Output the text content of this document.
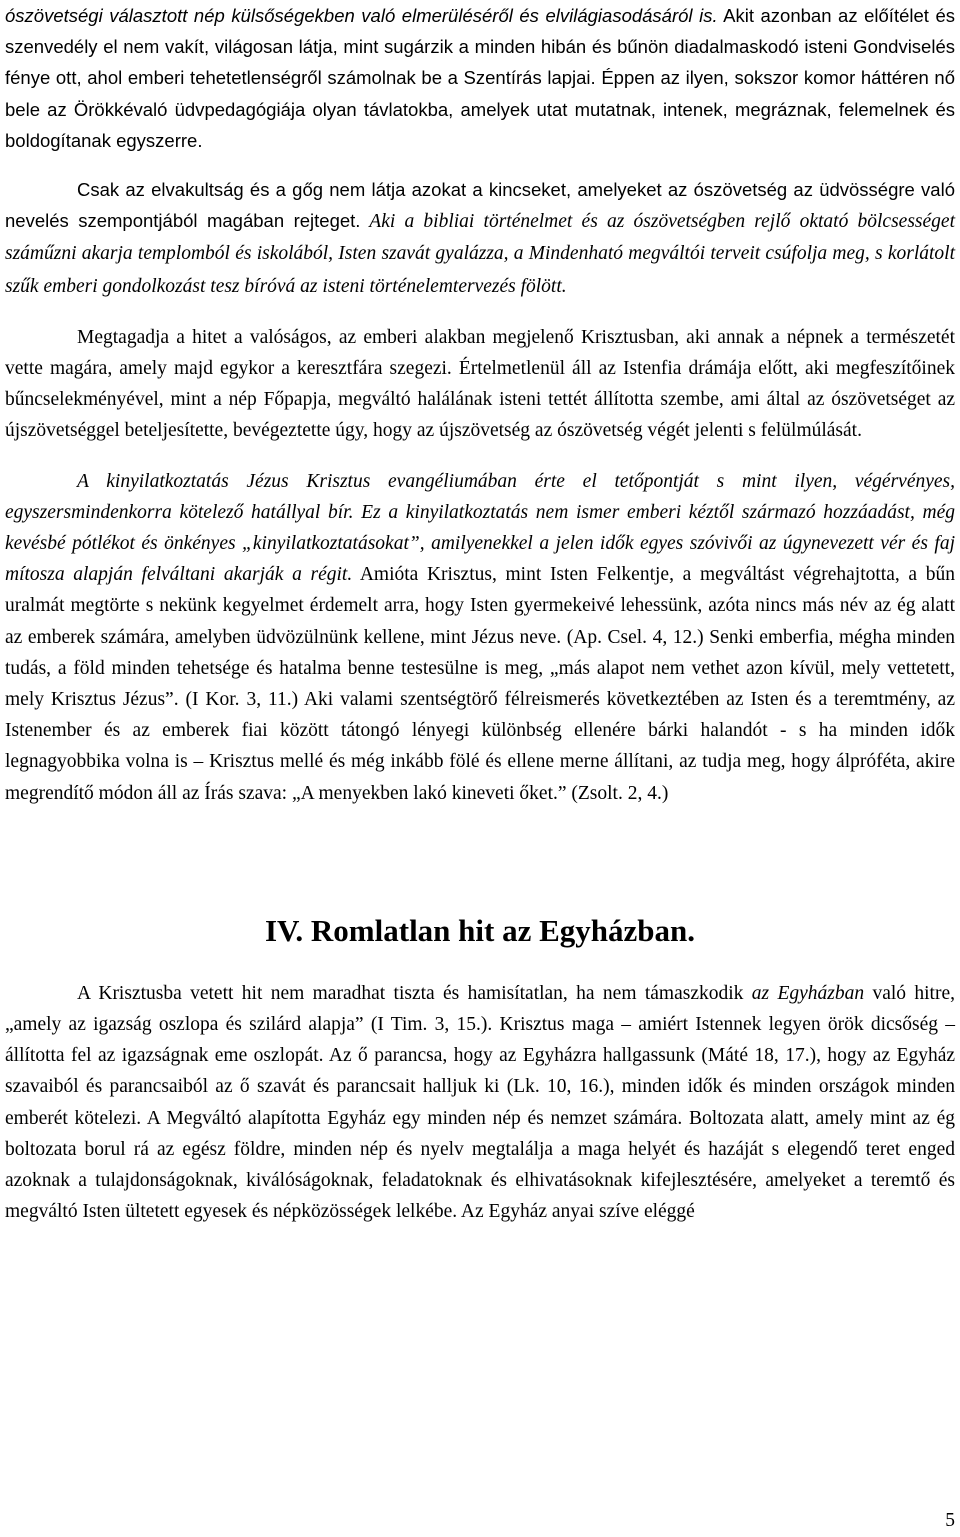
ószövetségi választott nép külsőségekben való elmerüléséről és elvilágiasodásáról is. Akit azonban az előítélet és szenvedély el nem vakít, világosan látja, mint sugárzik a minden hibán és bűnön diadalmaskodó isteni Gondviselés fénye ott, ahol emberi tehetetlenségről számolnak be a Szentírás lapjai. Éppen az ilyen, sokszor komor háttéren nő bele az Örökkévaló üdvpedagógiája olyan távlatokba, amelyek utat mutatnak, intenek, megráznak, felemelnek és boldogítanak egyszerre.

Csak az elvakultság és a gőg nem látja azokat a kincseket, amelyeket az ószövetség az üdvösségre való nevelés szempontjából magában rejteget. Aki a bibliai történelmet és az ószövetségben rejlő oktató bölcsességet száműzni akarja templomból és iskolából, Isten szavát gyalázza, a Mindenható megváltói terveit csúfolja meg, s korlátolt szűk emberi gondolkozást tesz bíróvá az isteni történelemtervezés fölött.

Megtagadja a hitet a valóságos, az emberi alakban megjelenő Krisztusban, aki annak a népnek a természetét vette magára, amely majd egykor a keresztfára szegezi. Értelmetlenül áll az Istenfia drámája előtt, aki megfeszítőinek bűncselekményével, mint a nép Főpapja, megváltó halálának isteni tettét állította szembe, ami által az ószövetséget az újszövetséggel beteljesítette, bevégeztette úgy, hogy az újszövetség az ószövetség végét jelenti s felülmúlását.

A kinyilatkoztatás Jézus Krisztus evangéliumában érte el tetőpontját s mint ilyen, végérvényes, egyszersmindenkorra kötelező hatállyal bír. Ez a kinyilatkoztatás nem ismer emberi kéztől származó hozzáadást, még kevésbé pótlékot és önkényes „kinyilatkoztatásokat”, amilyenekkel a jelen idők egyes szóvivői az úgynevezett vér és faj mítosza alapján felváltani akarják a régit. Amióta Krisztus, mint Isten Felkentje, a megváltást végrehajtotta, a bűn uralmát megtörte s nekünk kegyelmet érdemelt arra, hogy Isten gyermekeivé lehessünk, azóta nincs más név az ég alatt az emberek számára, amelyben üdvözülnünk kellene, mint Jézus neve. (Ap. Csel. 4, 12.) Senki emberfia, mégha minden tudás, a föld minden tehetsége és hatalma benne testesülne is meg, „más alapot nem vethet azon kívül, mely vettetett, mely Krisztus Jézus”. (I Kor. 3, 11.) Aki valami szentségtörő félreismerés következtében az Isten és a teremtmény, az Istenember és az emberek fiai között tátongó lényegi különbség ellenére bárki halandót - s ha minden idők legnagyobbika volna is – Krisztus mellé és még inkább fölé és ellene merne állítani, az tudja meg, hogy álpróféta, akire megrendítő módon áll az Írás szava: „A menyekben lakó kineveti őket.” (Zsolt. 2, 4.)

IV. Romlatlan hit az Egyházban.

A Krisztusba vetett hit nem maradhat tiszta és hamisítatlan, ha nem támaszkodik az Egyházban való hitre, „amely az igazság oszlopa és szilárd alapja” (I Tim. 3, 15.). Krisztus maga – amiért Istennek legyen örök dicsőség – állította fel az igazságnak eme oszlopát. Az ő parancsa, hogy az Egyházra hallgassunk (Máté 18, 17.), hogy az Egyház szavaiból és parancsaiból az ő szavát és parancsait halljuk ki (Lk. 10, 16.), minden idők és minden országok minden emberét kötelezi. A Megváltó alapította Egyház egy minden nép és nemzet számára. Boltozata alatt, amely mint az ég boltozata borul rá az egész földre, minden nép és nyelv megtalálja a maga helyét és hazáját s elegendő teret enged azoknak a tulajdonságoknak, kiválóságoknak, feladatoknak és elhivatásoknak kifejlesztésére, amelyeket a teremtő és megváltó Isten ültetett egyesek és népközösségek lelkébe. Az Egyház anyai szíve eléggé

5
